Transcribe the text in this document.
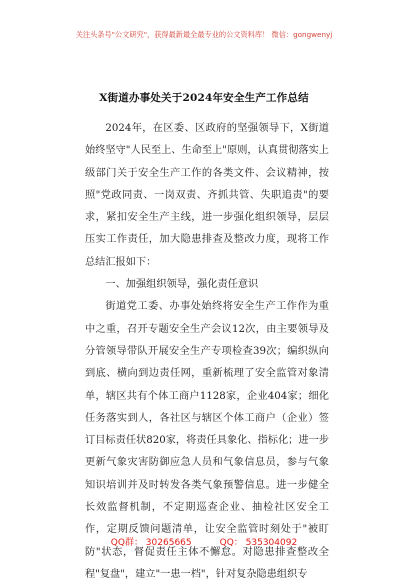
关注头条号"公文研究"，获得最新最全最专业的公文资料库！ 微信：gongwenyj
X街道办事处关于2024年安全生产工作总结

2024年，在区委、区政府的坚强领导下，X街道始终坚守"人民至上、生命至上"原则，认真贯彻落实上级部门关于安全生产工作的各类文件、会议精神，按照"党政同责、一岗双责、齐抓共管、失职追责"的要求，紧扣安全生产主线，进一步强化组织领导，层层压实工作责任，加大隐患排查及整改力度，现将工作总结汇报如下：

一、加强组织领导，强化责任意识

街道党工委、办事处始终将安全生产工作作为重中之重，召开专题安全生产会议12次，由主要领导及分管领导带队开展安全生产专项检查39次；编织纵向到底、横向到边责任网，重新梳理了安全监管对象清单，辖区共有个体工商户1128家，企业404家；细化任务落实到人，各社区与辖区个体工商户（企业）签订目标责任状820家，将责任具象化、指标化；进一步更新气象灾害防御应急人员和气象信息员，参与气象知识培训并及时转发各类气象预警信息。进一步健全长效监督机制，不定期巡查企业、抽检社区安全工作，定期反馈问题清单，让安全监管时刻处于"被盯防"状态，督促责任主体不懈怠。对隐患排查整改全程"复盘"，建立"一患一档"，针对复杂隐患组织专

QQ群： 30265665	QQ： 535304092
